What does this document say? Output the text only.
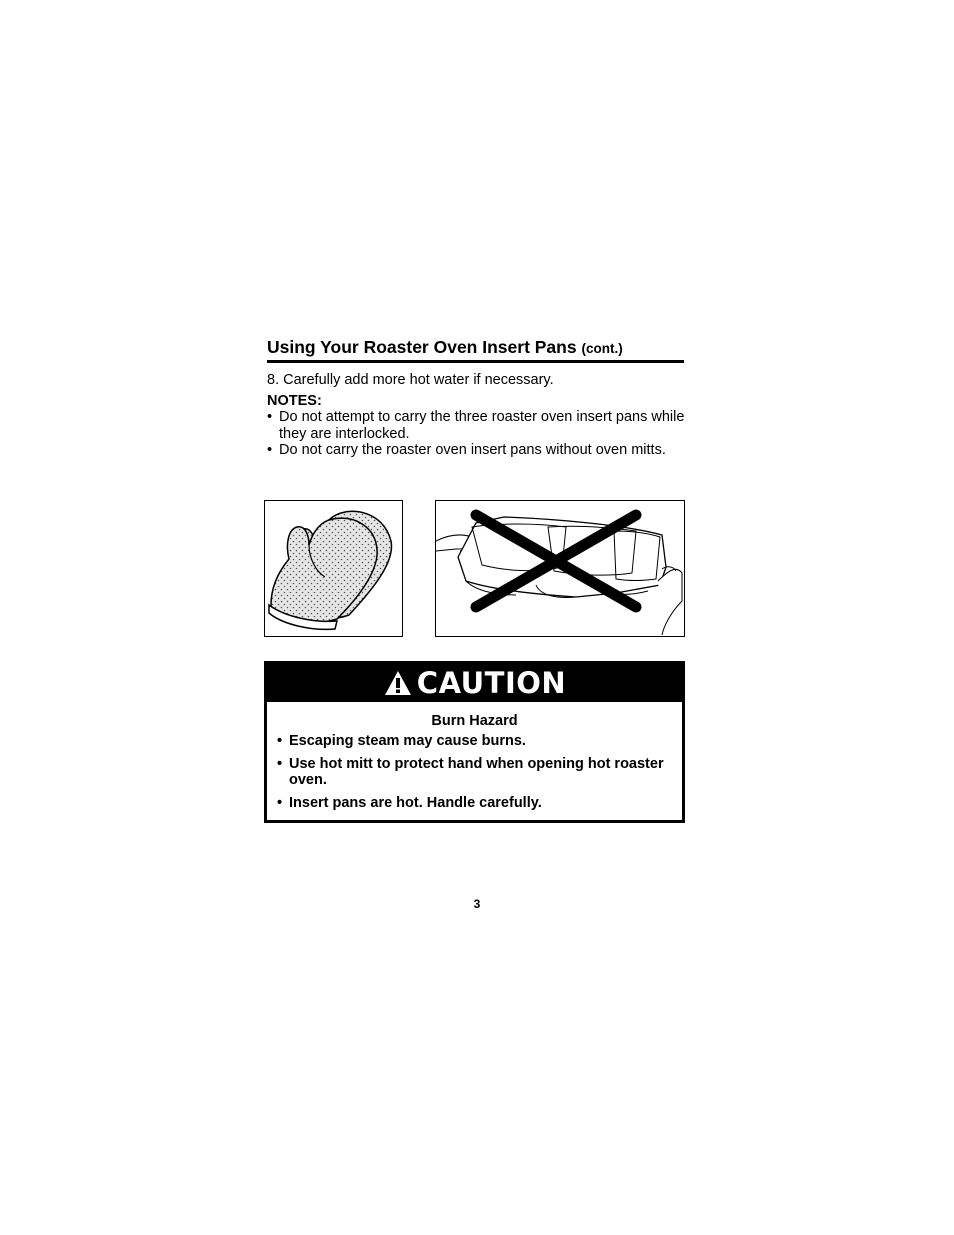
Using Your Roaster Oven Insert Pans (cont.)
8. Carefully add more hot water if necessary.
NOTES:
• Do not attempt to carry the three roaster oven insert pans while they are interlocked.
• Do not carry the roaster oven insert pans without oven mitts.
CAUTION
Burn Hazard
• Escaping steam may cause burns.
• Use hot mitt to protect hand when opening hot roaster oven.
• Insert pans are hot. Handle carefully.
3
